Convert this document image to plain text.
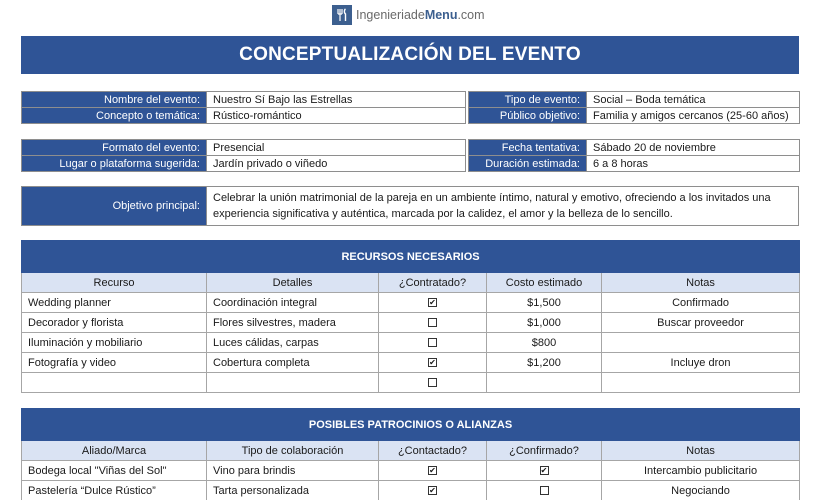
IngenieriadeMenu.com
CONCEPTUALIZACIÓN DEL EVENTO
Nombre del evento:	Nuestro Sí Bajo las Estrellas
Concepto o temática:	Rústico-romántico
Tipo de evento:	Social – Boda temática
Público objetivo:	Familia y amigos cercanos (25-60 años)
Formato del evento:	Presencial
Lugar o plataforma sugerida:	Jardín privado o viñedo
Fecha tentativa:	Sábado 20 de noviembre
Duración estimada:	6 a 8 horas
Objetivo principal:
Celebrar la unión matrimonial de la pareja en un ambiente íntimo, natural y emotivo, ofreciendo a los invitados una experiencia significativa y auténtica, marcada por la calidez, el amor y la belleza de lo sencillo.
RECURSOS NECESARIOS				
Recurso	Detalles	¿Contratado?	Costo estimado	Notas
Wedding planner	Coordinación integral	✔	$1,500	Confirmado
Decorador y florista	Flores silvestres, madera		$1,000	Buscar proveedor
Iluminación y mobiliario	Luces cálidas, carpas		$800	
Fotografía y video	Cobertura completa	✔	$1,200	Incluye dron

POSIBLES PATROCINIOS O ALIANZAS				
Aliado/Marca	Tipo de colaboración	¿Contactado?	¿Confirmado?	Notas
Bodega local "Viñas del Sol"	Vino para brindis	✔	✔	Intercambio publicitario
Pastelería “Dulce Rústico”	Tarta personalizada	✔		Negociando
